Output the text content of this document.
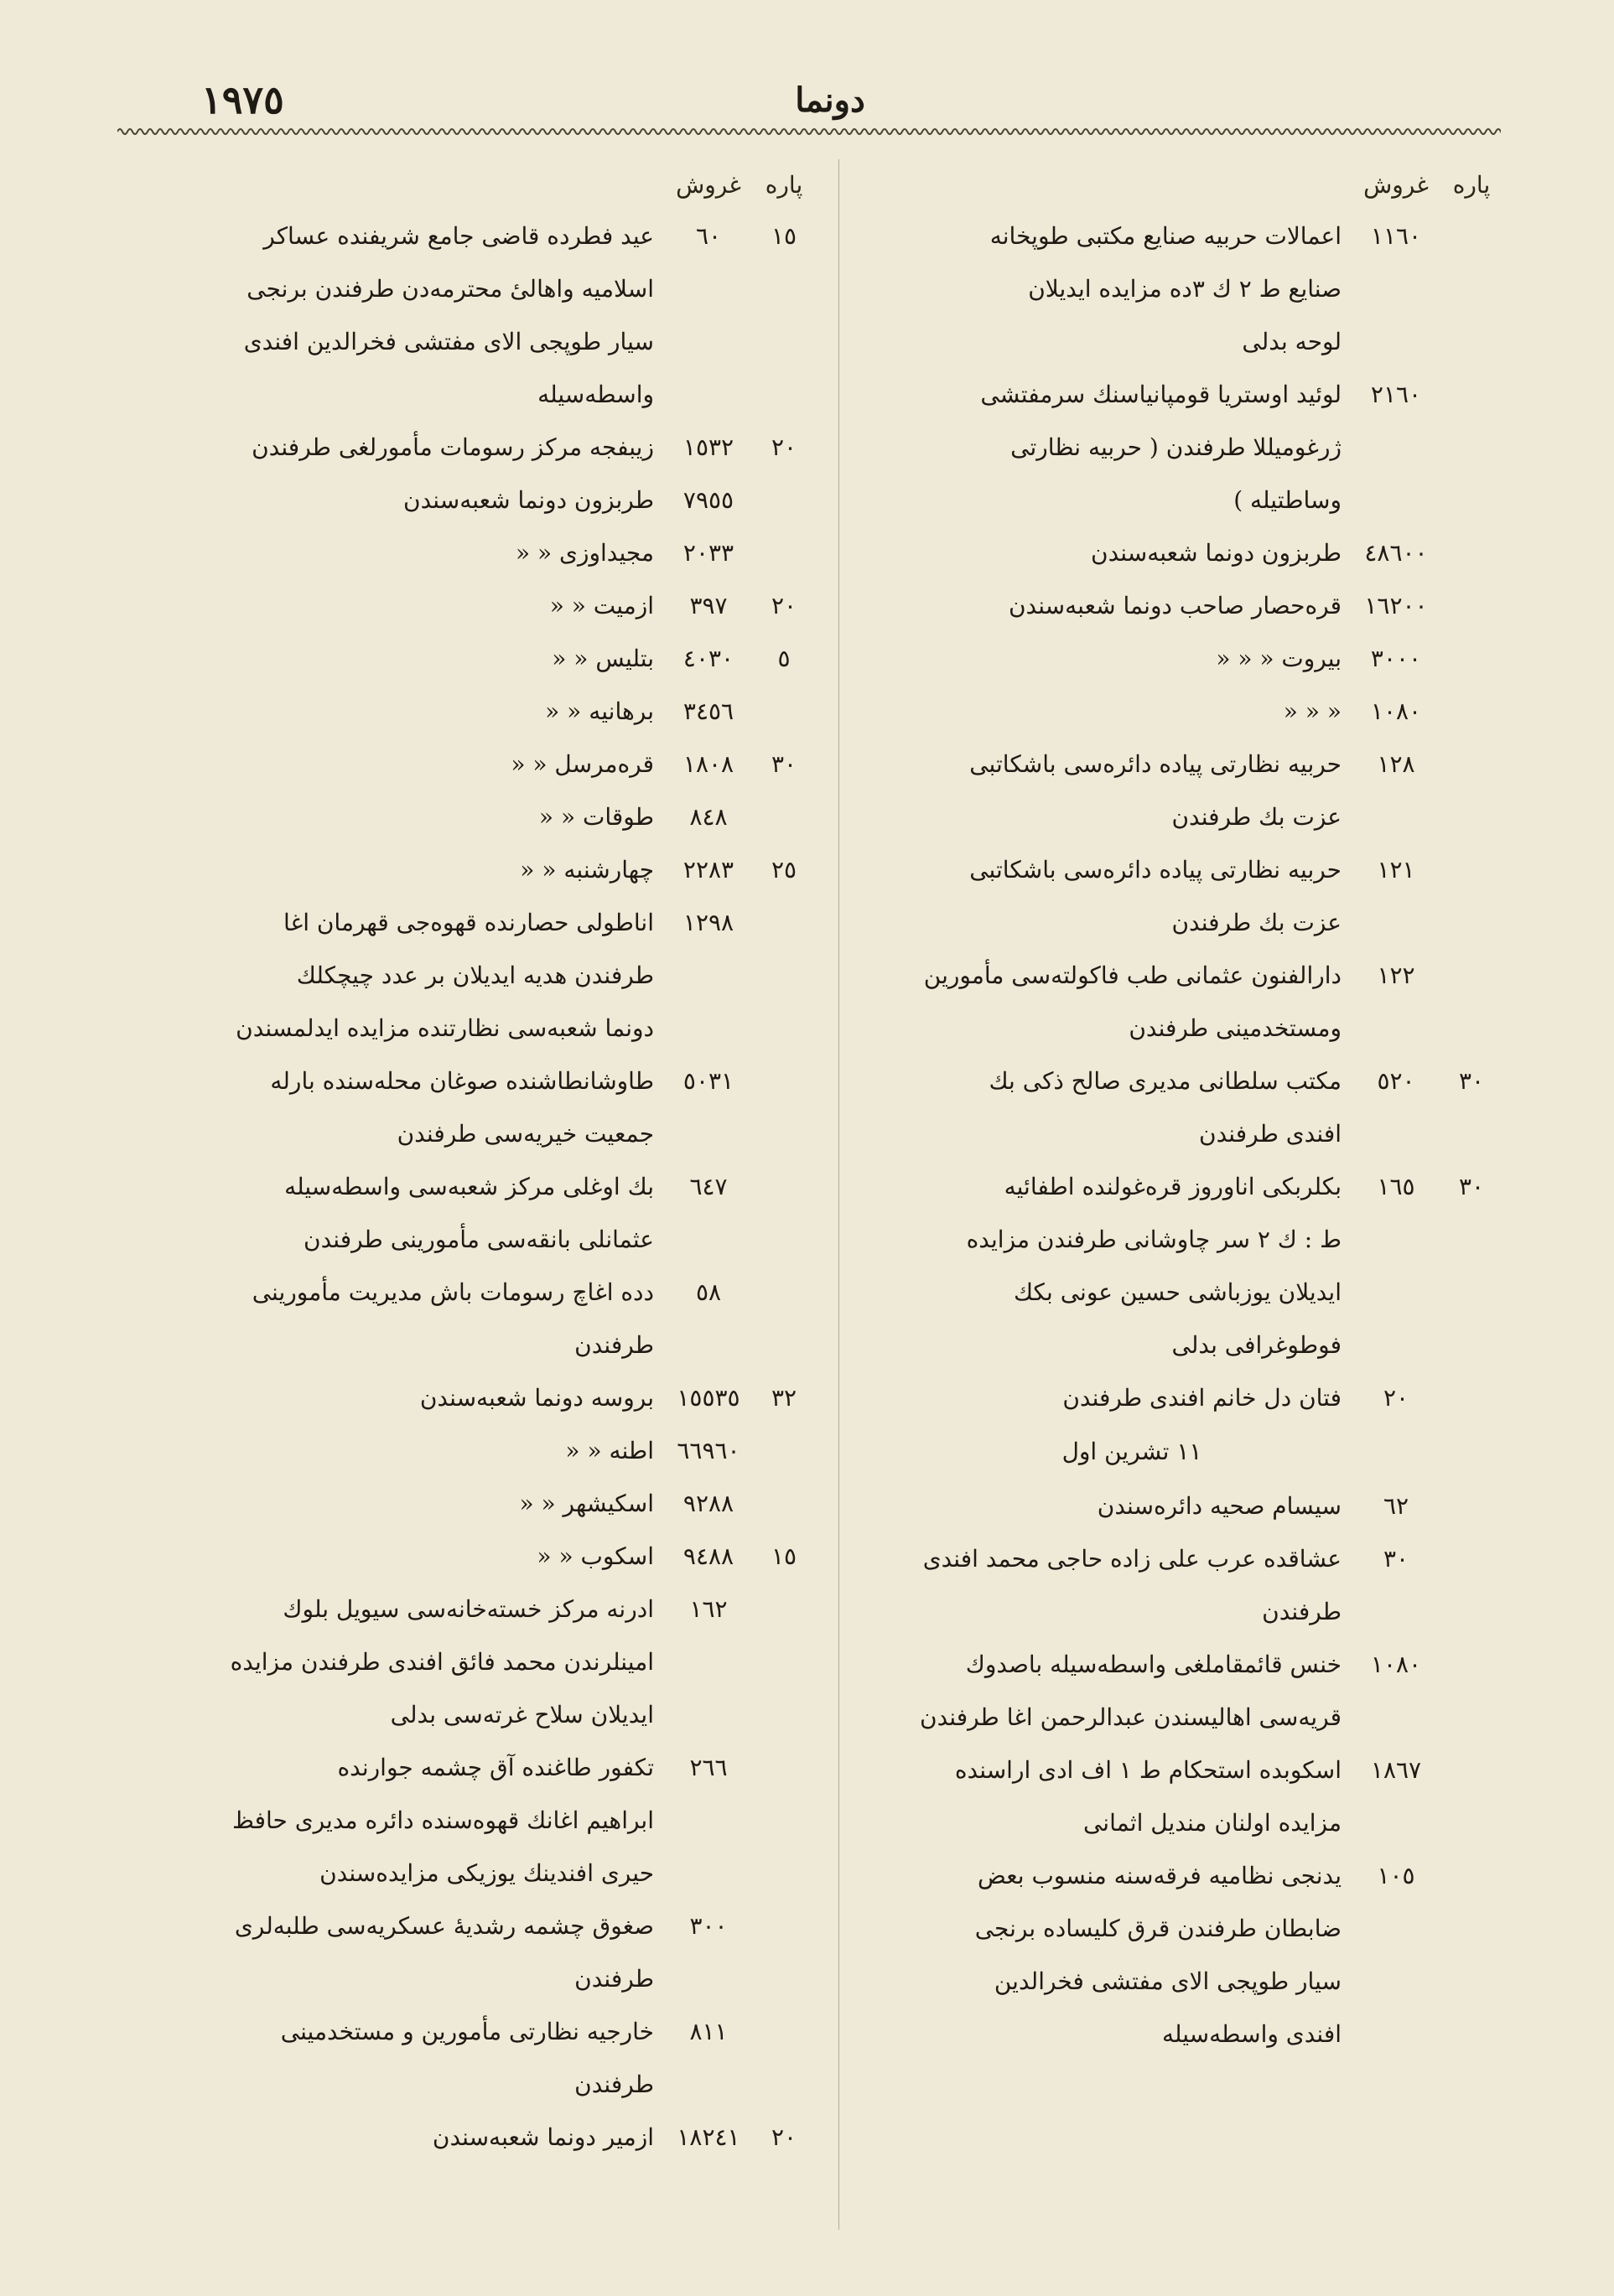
١٩٧٥	دونما
پاره
غروش
١١٦٠
اعمالات حربیه صنایع مکتبی طوپخانه
صنایع ط ٢ ك ٣ده مزایده ایدیلان
لوحه بدلی
٢١٦٠
لوئید اوستریا قومپانیاسنك سرمفتشی
ژرغومیللا طرفندن ( حربیه نظارتی
وساطتیله )
٤٨٦٠٠
طربزون دونما شعبه‌سندن
١٦٢٠٠
قره‌حصار صاحب دونما شعبه‌سندن
٣٠٠٠
بیروت « « «
١٠٨٠
« « «
١٢٨
حربیه نظارتی پیاده دائره‌سی باشکاتبی
عزت بك طرفندن
١٢١
حربیه نظارتی پیاده دائره‌سی باشکاتبی
عزت بك طرفندن
١٢٢
دارالفنون عثمانی طب فاکولته‌سی مأمورین
ومستخدمینی طرفندن
٣٠
٥٢٠
مکتب سلطانی مدیری صالح ذکی بك
افندی طرفندن
٣٠
١٦٥
بکلربکی اناوروز قره‌غولنده اطفائیه
ط : ك ٢ سر چاوشانی طرفندن مزایده
ایدیلان یوزباشی حسین عونی بکك
فوطوغرافی بدلی
٢٠
فتان دل خانم افندی طرفندن
١١ تشرین اول
٦٢
سیسام صحیه دائره‌سندن
٣٠
عشاقده عرب علی زاده حاجی محمد افندی
طرفندن
١٠٨٠
خنس قائمقاملغی واسطه‌سیله باصدوك
قریه‌سی اهالیسندن عبدالرحمن اغا طرفندن
١٨٦٧
اسکوبده استحکام ط ١ اف ادی اراسنده
مزایده اولنان مندیل اثمانی
١٠٥
یدنجی نظامیه فرقه‌سنه منسوب بعض
ضابطان طرفندن قرق کلیساده برنجی
سیار طوپجی الای مفتشی فخرالدین
افندی واسطه‌سیله
پاره
غروش
١٥
٦٠
عید فطرده قاضی جامع شریفنده عساکر
اسلامیه واهالیٔ محترمه‌دن طرفندن برنجی
سیار طوپجی الای مفتشی فخرالدین افندی
واسطه‌سیله
٢٠
١٥٣٢
زیبفجه مرکز رسومات مأمورلغی طرفندن
٧٩٥٥
طربزون دونما شعبه‌سندن
٢٠٣٣
مجیداوزی « «
٢٠
٣٩٧
ازمیت « «
٥
٤٠٣٠
بتلیس « «
٣٤٥٦
برهانیه « «
٣٠
١٨٠٨
قره‌مرسل « «
٨٤٨
طوقات « «
٢٥
٢٢٨٣
چهارشنبه « «
١٢٩٨
اناطولی حصارنده قهوه‌جی قهرمان اغا
طرفندن هدیه ایدیلان بر عدد چیچکلك
دونما شعبه‌سی نظارتنده مزایده ایدلمسندن
٥٠٣١
طاوشانطاشنده صوغان محله‌سنده بارله
جمعیت خیریه‌سی طرفندن
٦٤٧
بك اوغلی مرکز شعبه‌سی واسطه‌سیله
عثمانلی بانقه‌سی مأمورینی طرفندن
٥٨
دده اغاچ رسومات باش مدیریت مأمورینی
طرفندن
٣٢
١٥٥٣٥
بروسه دونما شعبه‌سندن
٦٦٩٦٠
اطنه « «
٩٢٨٨
اسکیشهر « «
١٥
٩٤٨٨
اسکوب « «
١٦٢
ادرنه مرکز خسته‌خانه‌سی سیویل بلوك
امینلرندن محمد فائق افندی طرفندن مزایده
ایدیلان سلاح غرته‌سی بدلی
٢٦٦
تکفور طاغنده آق چشمه جوارنده
ابراهیم اغانك قهوه‌سنده دائره مدیری حافظ
حیری افندینك یوزیکی مزایده‌سندن
٣٠٠
صغوق چشمه رشدیهٔ عسکریه‌سی طلبه‌لری
طرفندن
٨١١
خارجیه نظارتی مأمورین و مستخدمینی
طرفندن
٢٠
١٨٢٤١
ازمیر دونما شعبه‌سندن
